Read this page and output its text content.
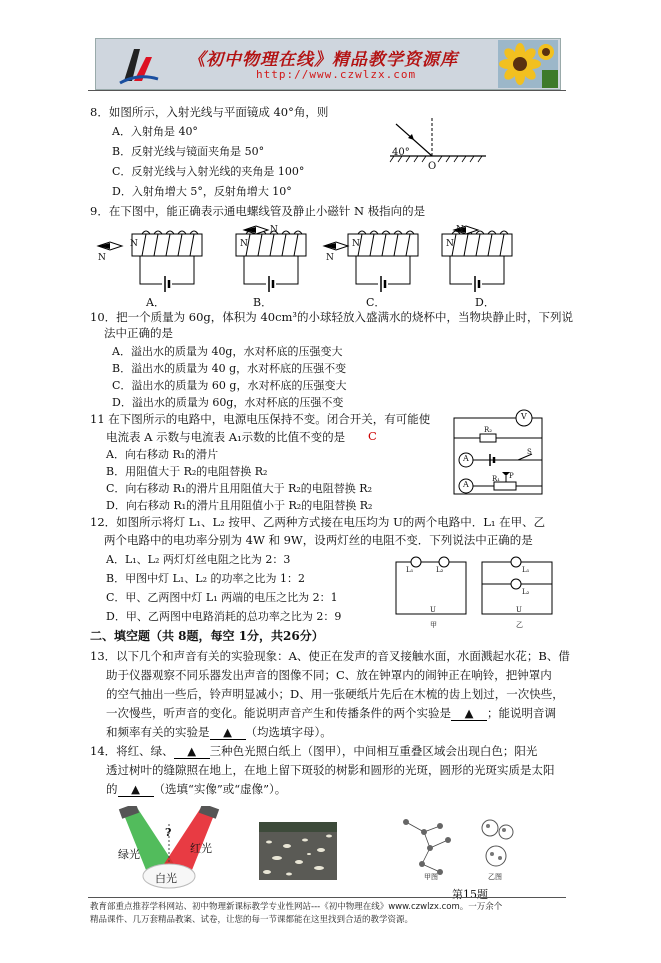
《初中物理在线》精品教学资源库
http://www.czwlzx.com
8．如图所示，入射光线与平面镜成 40°角，则
A．入射角是 40°
B．反射光线与镜面夹角是 50°
C．反射光线与入射光线的夹角是 100°
D．入射角增大 5°，反射角增大 10°
40°
O
9．在下图中，能正确表示通电螺线管及静止小磁针 N 极指向的是
N
N
N
N
N
N
N
N
A．	B．	C．	D．
10．把一个质量为 60g，体积为 40cm³的小球轻放入盛满水的烧杯中，当物块静止时，下列说
法中正确的是
A．溢出水的质量为 40g，水对杯底的压强变大
B．溢出水的质量为 40 g，水对杯底的压强不变
C．溢出水的质量为 60 g，水对杯底的压强变大
D．溢出水的质量为 60g，水对杯底的压强不变
11 在下图所示的电路中，电源电压保持不变。闭合开关，有可能使
电流表 A 示数与电流表 A₁示数的比值不变的是 C
A．向右移动 R₁的滑片
B．用阻值大于 R₂的电阻替换 R₂
C．向右移动 R₁的滑片且用阻值大于 R₂的电阻替换 R₂
D．向右移动 R₁的滑片且用阻值小于 R₂的电阻替换 R₂
V
R₂
A
S
A
R₁ P
12．如图所示将灯 L₁、L₂ 按甲、乙两种方式接在电压均为 U的两个电路中．L₁ 在甲、乙
两个电路中的电功率分别为 4W 和 9W，设两灯丝的电阻不变．下列说法中正确的是
A．L₁、L₂ 两灯灯丝电阻之比为 2：3
B．甲图中灯 L₁、L₂ 的功率之比为 1：2
C．甲、乙两图中灯 L₁ 两端的电压之比为 2：1
D．甲、乙两图中电路消耗的总功率之比为 2：9
L₁	L₂	L₁
L₂
U	U
甲	乙
二、填空题（共 8题，每空 1分，共26分）
13．以下几个和声音有关的实验现象：A、使正在发声的音叉接触水面，水面溅起水花；B、借
助于仪器观察不同乐器发出声音的图像不同；C、放在钟罩内的闹钟正在响铃，把钟罩内
的空气抽出一些后，铃声明显减小；D、用一张硬纸片先后在木梳的齿上划过，一次快些，
一次慢些，听声音的变化。能说明声音产生和传播条件的两个实验是 ▲ ；能说明音调
和频率有关的实验是 ▲ （均选填字母）。
14．将红、绿、 ▲ 三种色光照白纸上（图甲），中间相互重叠区域会出现白色；阳光
透过树叶的缝隙照在地上，在地上留下斑驳的树影和圆形的光斑，圆形的光斑实质是太阳
的 ▲ （选填“实像”或“虚像”）。
绿光	红光
白光
?
甲图	乙图
第15题
教育部重点推荐学科网站、初中物理新课标教学专业性网站---《初中物理在线》www.czwlzx.com。一万余个
精品课件、几万套精品教案、试卷，让您的每一节课都能在这里找到合适的教学资源。
